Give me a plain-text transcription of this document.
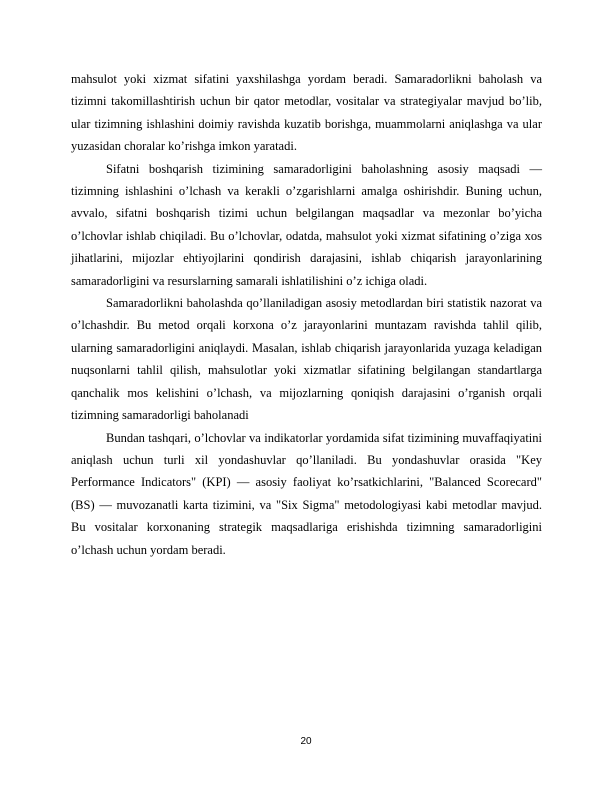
mahsulot yoki xizmat sifatini yaxshilashga yordam beradi. Samaradorlikni baholash va tizimni takomillashtirish uchun bir qator metodlar, vositalar va strategiyalar mavjud bo’lib, ular tizimning ishlashini doimiy ravishda kuzatib borishga, muammolarni aniqlashga va ular yuzasidan choralar ko’rishga imkon yaratadi.

Sifatni boshqarish tizimining samaradorligini baholashning asosiy maqsadi — tizimning ishlashini o’lchash va kerakli o’zgarishlarni amalga oshirishdir. Buning uchun, avvalo, sifatni boshqarish tizimi uchun belgilangan maqsadlar va mezonlar bo’yicha o’lchovlar ishlab chiqiladi. Bu o’lchovlar, odatda, mahsulot yoki xizmat sifatining o’ziga xos jihatlarini, mijozlar ehtiyojlarini qondirish darajasini, ishlab chiqarish jarayonlarining samaradorligini va resurslarning samarali ishlatilishini o’z ichiga oladi.

Samaradorlikni baholashda qo’llaniladigan asosiy metodlardan biri statistik nazorat va o’lchashdir. Bu metod orqali korxona o’z jarayonlarini muntazam ravishda tahlil qilib, ularning samaradorligini aniqlaydi. Masalan, ishlab chiqarish jarayonlarida yuzaga keladigan nuqsonlarni tahlil qilish, mahsulotlar yoki xizmatlar sifatining belgilangan standartlarga qanchalik mos kelishini o’lchash, va mijozlarning qoniqish darajasini o’rganish orqali tizimning samaradorligi baholanadi

Bundan tashqari, o’lchovlar va indikatorlar yordamida sifat tizimining muvaffaqiyatini aniqlash uchun turli xil yondashuvlar qo’llaniladi. Bu yondashuvlar orasida "Key Performance Indicators" (KPI) — asosiy faoliyat ko’rsatkichlarini, "Balanced Scorecard" (BS) — muvozanatli karta tizimini, va "Six Sigma" metodologiyasi kabi metodlar mavjud. Bu vositalar korxonaning strategik maqsadlariga erishishda tizimning samaradorligini o’lchash uchun yordam beradi.

20
